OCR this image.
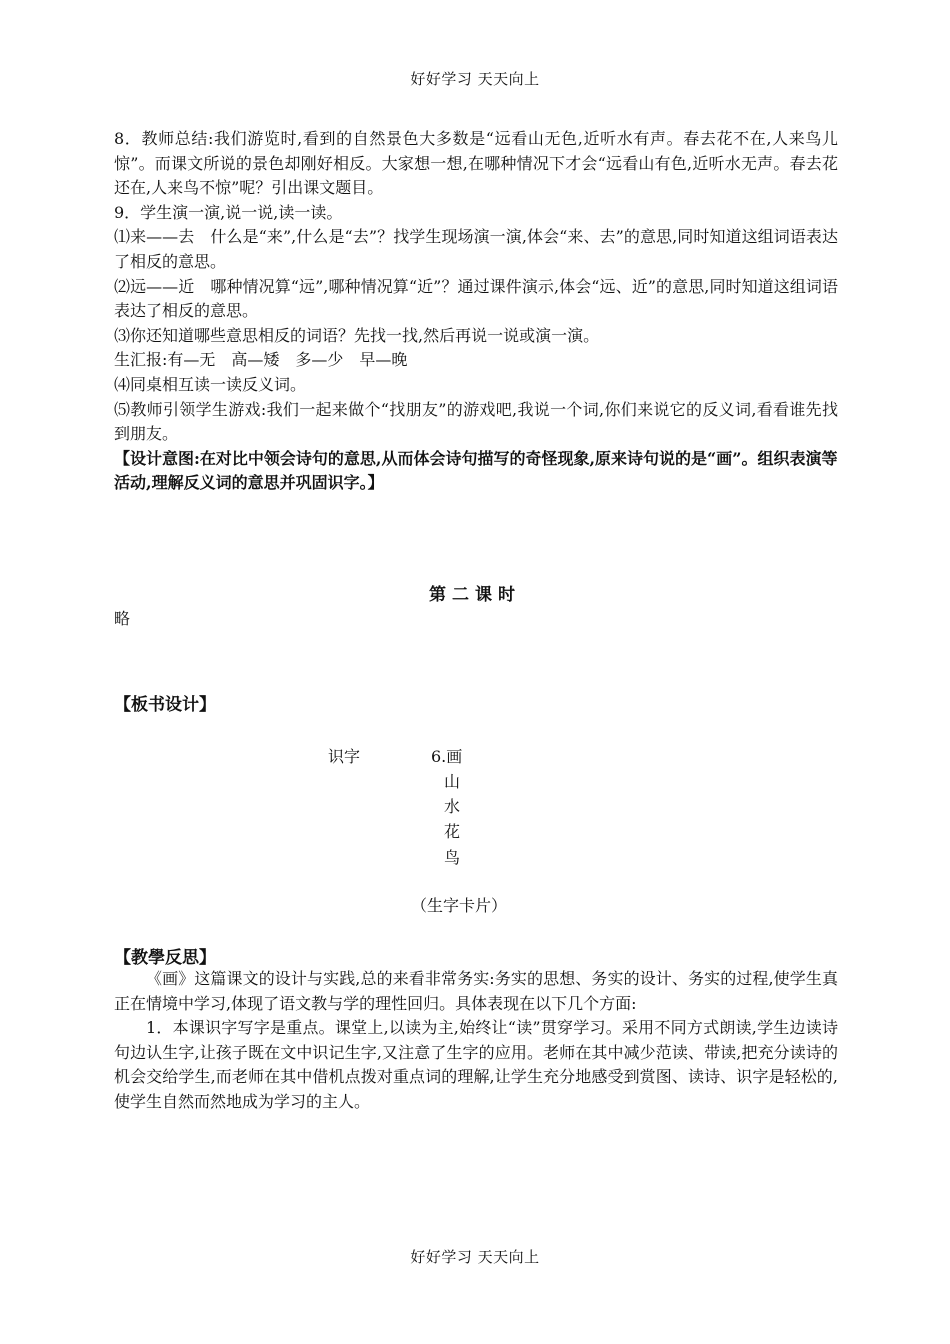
好好学习 天天向上

8．教师总结:我们游览时,看到的自然景色大多数是“远看山无色,近听水有声。春去花不在,人来鸟儿惊”。而课文所说的景色却刚好相反。大家想一想,在哪种情况下才会“远看山有色,近听水无声。春去花还在,人来鸟不惊”呢？引出课文题目。

9．学生演一演,说一说,读一读。

⑴来——去　什么是“来”,什么是“去”？找学生现场演一演,体会“来、去”的意思,同时知道这组词语表达了相反的意思。

⑵远——近　哪种情况算“远”,哪种情况算“近”？通过课件演示,体会“远、近”的意思,同时知道这组词语表达了相反的意思。

⑶你还知道哪些意思相反的词语？先找一找,然后再说一说或演一演。

生汇报:有—无　高—矮　多—少　早—晚

⑷同桌相互读一读反义词。

⑸教师引领学生游戏:我们一起来做个“找朋友”的游戏吧,我说一个词,你们来说它的反义词,看看谁先找到朋友。

【设计意图:在对比中领会诗句的意思,从而体会诗句描写的奇怪现象,原来诗句说的是“画”。组织表演等活动,理解反义词的意思并巩固识字。】

第二课时
略
【板书设计】
识字	6.画
山
水
花
鸟
（生字卡片）
【教學反思】

《画》这篇课文的设计与实践,总的来看非常务实:务实的思想、务实的设计、务实的过程,使学生真正在情境中学习,体现了语文教与学的理性回归。具体表现在以下几个方面:

1．本课识字写字是重点。课堂上,以读为主,始终让“读”贯穿学习。采用不同方式朗读,学生边读诗句边认生字,让孩子既在文中识记生字,又注意了生字的应用。老师在其中减少范读、带读,把充分读诗的机会交给学生,而老师在其中借机点拨对重点词的理解,让学生充分地感受到赏图、读诗、识字是轻松的,使学生自然而然地成为学习的主人。

好好学习 天天向上
